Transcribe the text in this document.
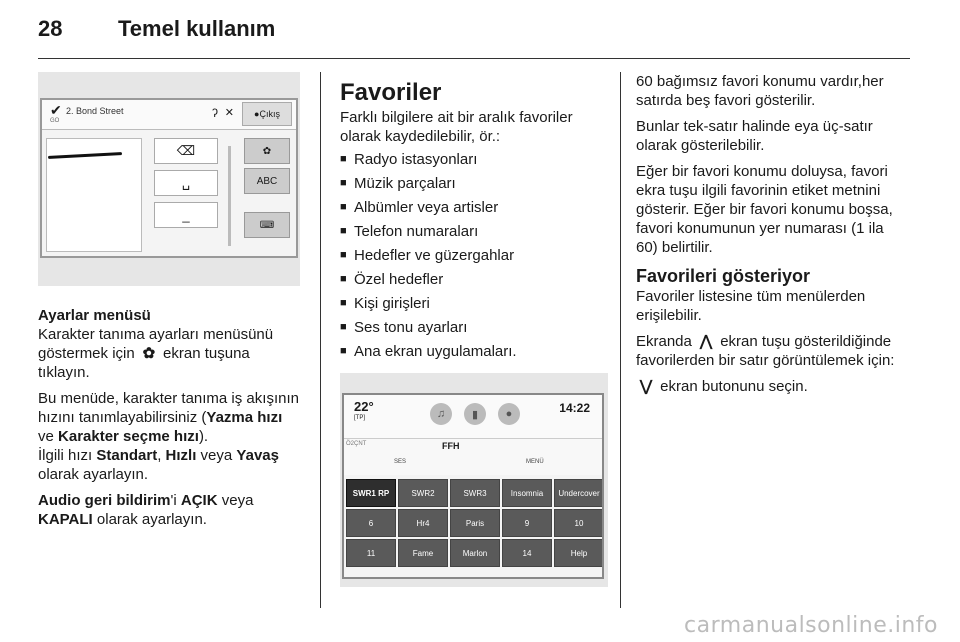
28	Temel kullanım
✔ 2. Bond Street
GO
ʔ ✕	● Çıkış
⌫
␣
_
✿
ABC
⌨
Ayarlar menüsü

Karakter tanıma ayarları menüsünü göstermek için ✿ ekran tuşuna tıklayın.

Bu menüde, karakter tanıma iş akışının hızını tanımlayabilirsiniz (Yazma hızı ve Karakter seçme hızı).
İlgili hızı Standart, Hızlı veya Yavaş olarak ayarlayın.

Audio geri bildirim'i AÇIK veya
KAPALI olarak ayarlayın.

Favoriler

Farklı bilgilere ait bir aralık favoriler olarak kaydedilebilir, ör.:

■ Radyo istasyonları
■ Müzik parçaları
■ Albümler veya artisler
■ Telefon numaraları
■ Hedefler ve güzergahlar
■ Özel hedefler
■ Kişi girişleri
■ Ses tonu ayarları
■ Ana ekran uygulamaları.
22°
[TP]	♫	▮	●	14:22
Ö2ÇNT	FFH
SES	MENÜ
SWR1 RP	SWR2	SWR3	Insomnia	Undercover
6	Hr4	Paris	9	10
11	Fame	Marlon	14	Help

60 bağımsız favori konumu vardır,her satırda beş favori gösterilir.

Bunlar tek-satır halinde eya üç-satır olarak gösterilebilir.

Eğer bir favori konumu doluysa, favori ekra tuşu ilgili favorinin etiket metnini gösterir. Eğer bir favori konumu boşsa, favori konumunun yer numarası (1 ila 60) belirtilir.

Favorileri gösteriyor

Favoriler listesine tüm menülerden erişilebilir.

Ekranda ⋀ ekran tuşu gösterildiğinde favorilerden bir satır görüntülemek için:

⋁ ekran butonunu seçin.

carmanualsonline.info
